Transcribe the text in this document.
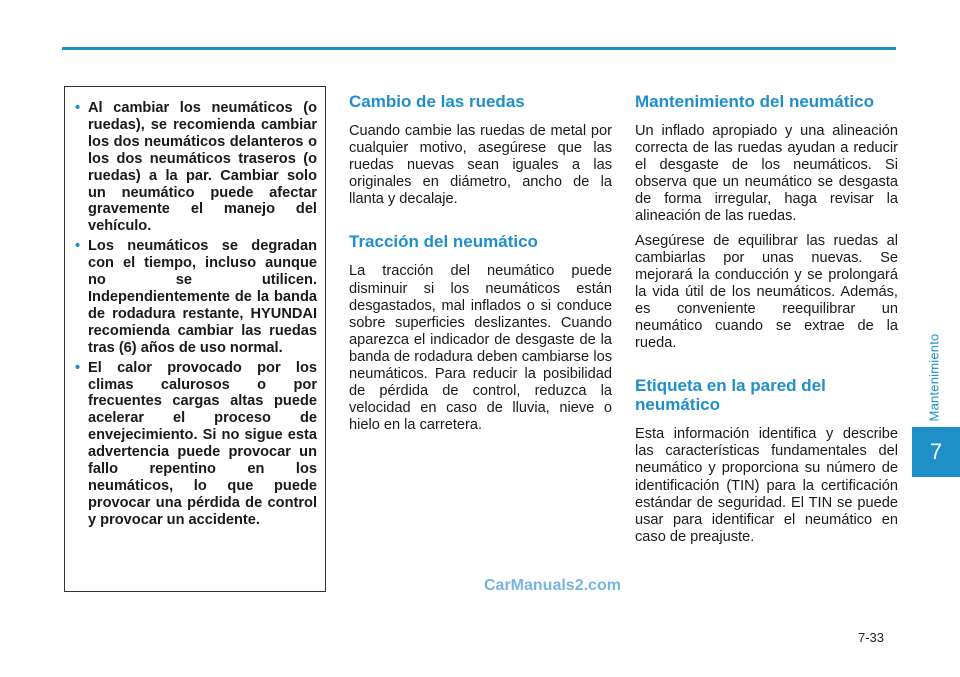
Mantenimiento
7
• Al cambiar los neumáticos (o ruedas), se recomienda cambiar los dos neumáticos delanteros o los dos neumáticos traseros (o ruedas) a la par. Cambiar solo un neumático puede afectar gravemente el manejo del vehículo.
• Los neumáticos se degradan con el tiempo, incluso aunque no se utilicen. Independientemente de la banda de rodadura restante, HYUNDAI recomienda cambiar las ruedas tras (6) años de uso normal.
• El calor provocado por los climas calurosos o por frecuentes cargas altas puede acelerar el proceso de envejecimiento. Si no sigue esta advertencia puede provocar un fallo repentino en los neumáticos, lo que puede provocar una pérdida de control y provocar un accidente.
Cambio de las ruedas

Cuando cambie las ruedas de metal por cualquier motivo, asegúrese que las ruedas nuevas sean iguales a las originales en diámetro, ancho de la llanta y decalaje.

Tracción del neumático

La tracción del neumático puede disminuir si los neumáticos están desgastados, mal inflados o si conduce sobre superficies deslizantes. Cuando aparezca el indicador de desgaste de la banda de rodadura deben cambiarse los neumáticos. Para reducir la posibilidad de pérdida de control, reduzca la velocidad en caso de lluvia, nieve o hielo en la carretera.

Mantenimiento del neumático

Un inflado apropiado y una alineación correcta de las ruedas ayudan a reducir el desgaste de los neumáticos. Si observa que un neumático se desgasta de forma irregular, haga revisar la alineación de las ruedas.

Asegúrese de equilibrar las ruedas al cambiarlas por unas nuevas. Se mejorará la conducción y se prolongará la vida útil de los neumáticos. Además, es conveniente reequilibrar un neumático cuando se extrae de la rueda.

Etiqueta en la pared del neumático

Esta información identifica y describe las características fundamentales del neumático y proporciona su número de identificación (TIN) para la certificación estándar de seguridad. El TIN se puede usar para identificar el neumático en caso de preajuste.

CarManuals2.com
7-33
